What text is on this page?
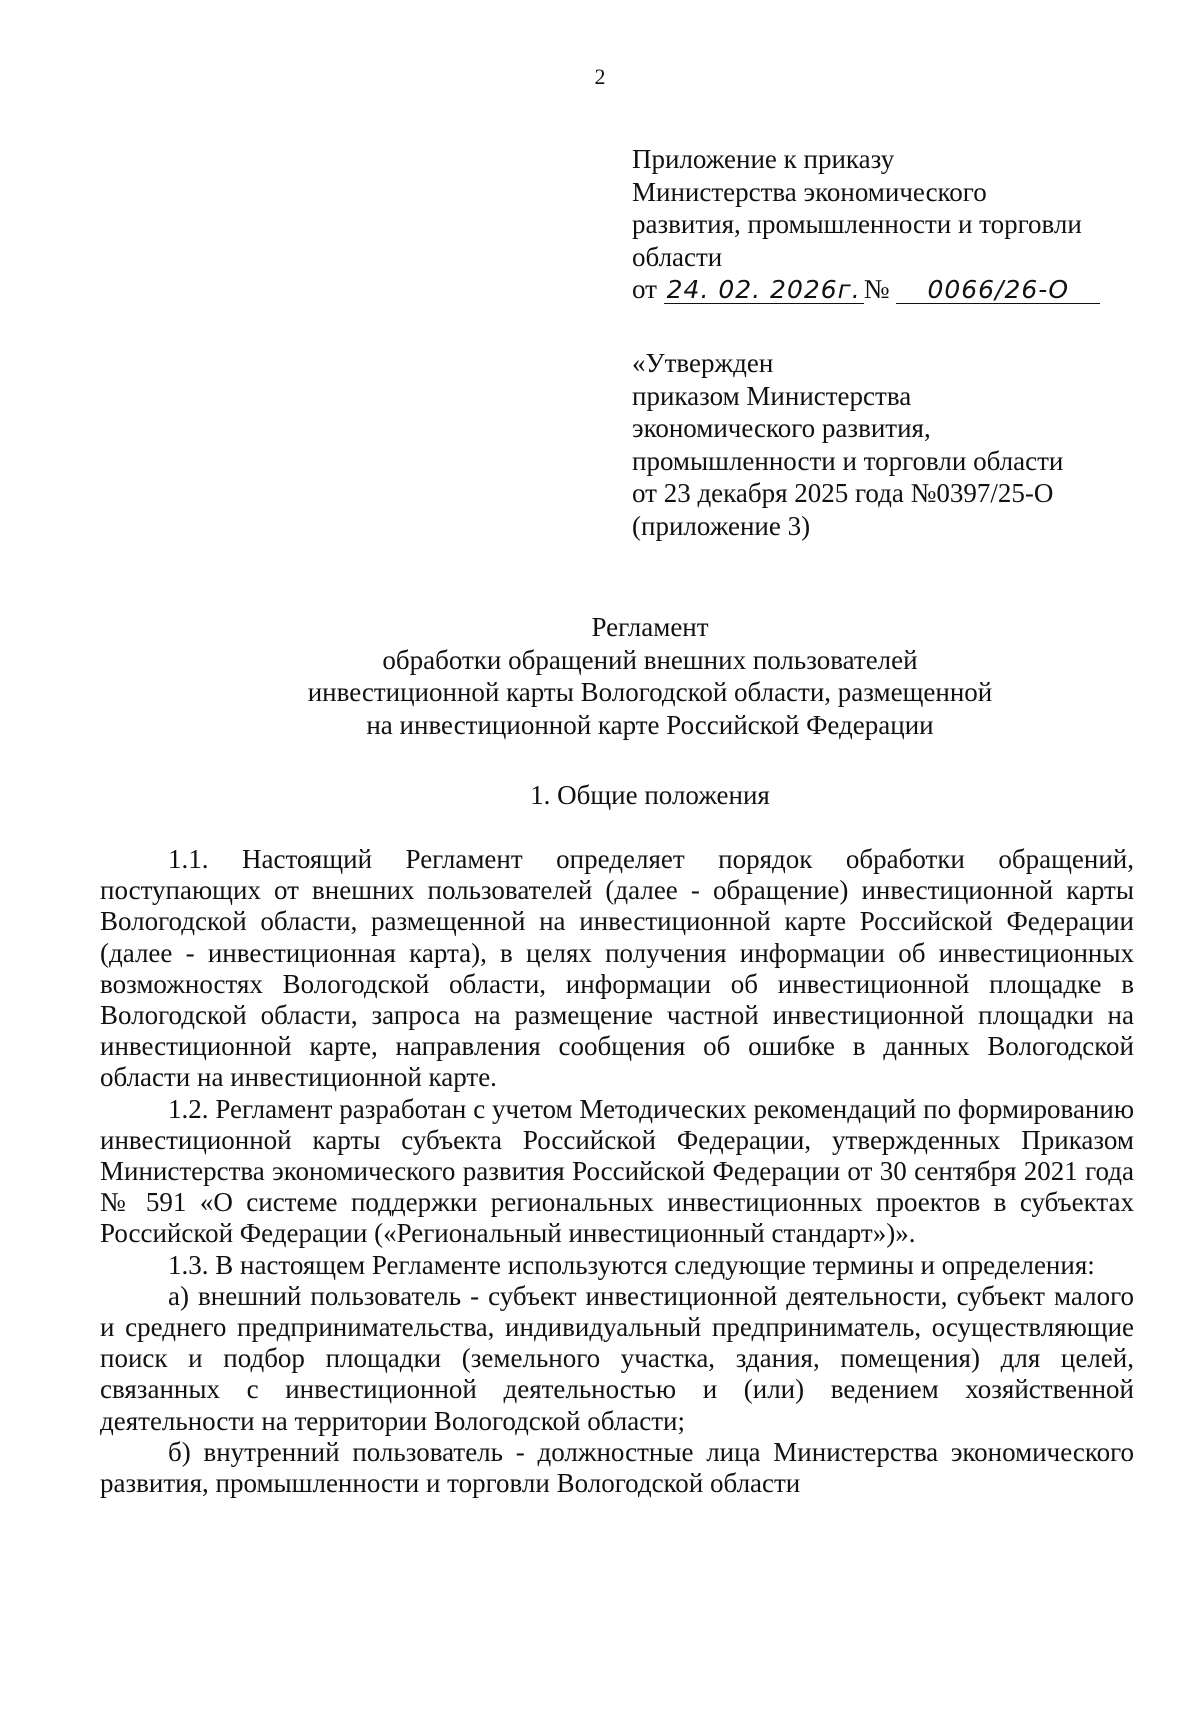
2
Приложение к приказу
Министерства экономического
развития, промышленности и торговли
области
от 24. 02. 2026г. № 0066/26-О
«Утвержден
приказом Министерства
экономического развития,
промышленности и торговли области
от 23 декабря 2025 года №0397/25-О
(приложение 3)
Регламент
обработки обращений внешних пользователей
инвестиционной карты Вологодской области, размещенной
на инвестиционной карте Российской Федерации
1. Общие положения

1.1. Настоящий Регламент определяет порядок обработки обращений, поступающих от внешних пользователей (далее - обращение) инвестиционной карты Вологодской области, размещенной на инвестиционной карте Российской Федерации (далее - инвестиционная карта), в целях получения информации об инвестиционных возможностях Вологодской области, информации об инвестиционной площадке в Вологодской области, запроса на размещение частной инвестиционной площадки на инвестиционной карте, направления сообщения об ошибке в данных Вологодской области на инвестиционной карте.

1.2. Регламент разработан с учетом Методических рекомендаций по формированию инвестиционной карты субъекта Российской Федерации, утвержденных Приказом Министерства экономического развития Российской Федерации от 30 сентября 2021 года № 591 «О системе поддержки региональных инвестиционных проектов в субъектах Российской Федерации («Региональный инвестиционный стандарт»)».

1.3. В настоящем Регламенте используются следующие термины и определения:

а) внешний пользователь - субъект инвестиционной деятельности, субъект малого и среднего предпринимательства, индивидуальный предприниматель, осуществляющие поиск и подбор площадки (земельного участка, здания, помещения) для целей, связанных с инвестиционной деятельностью и (или) ведением хозяйственной деятельности на территории Вологодской области;

б) внутренний пользователь - должностные лица Министерства экономического развития, промышленности и торговли Вологодской области
